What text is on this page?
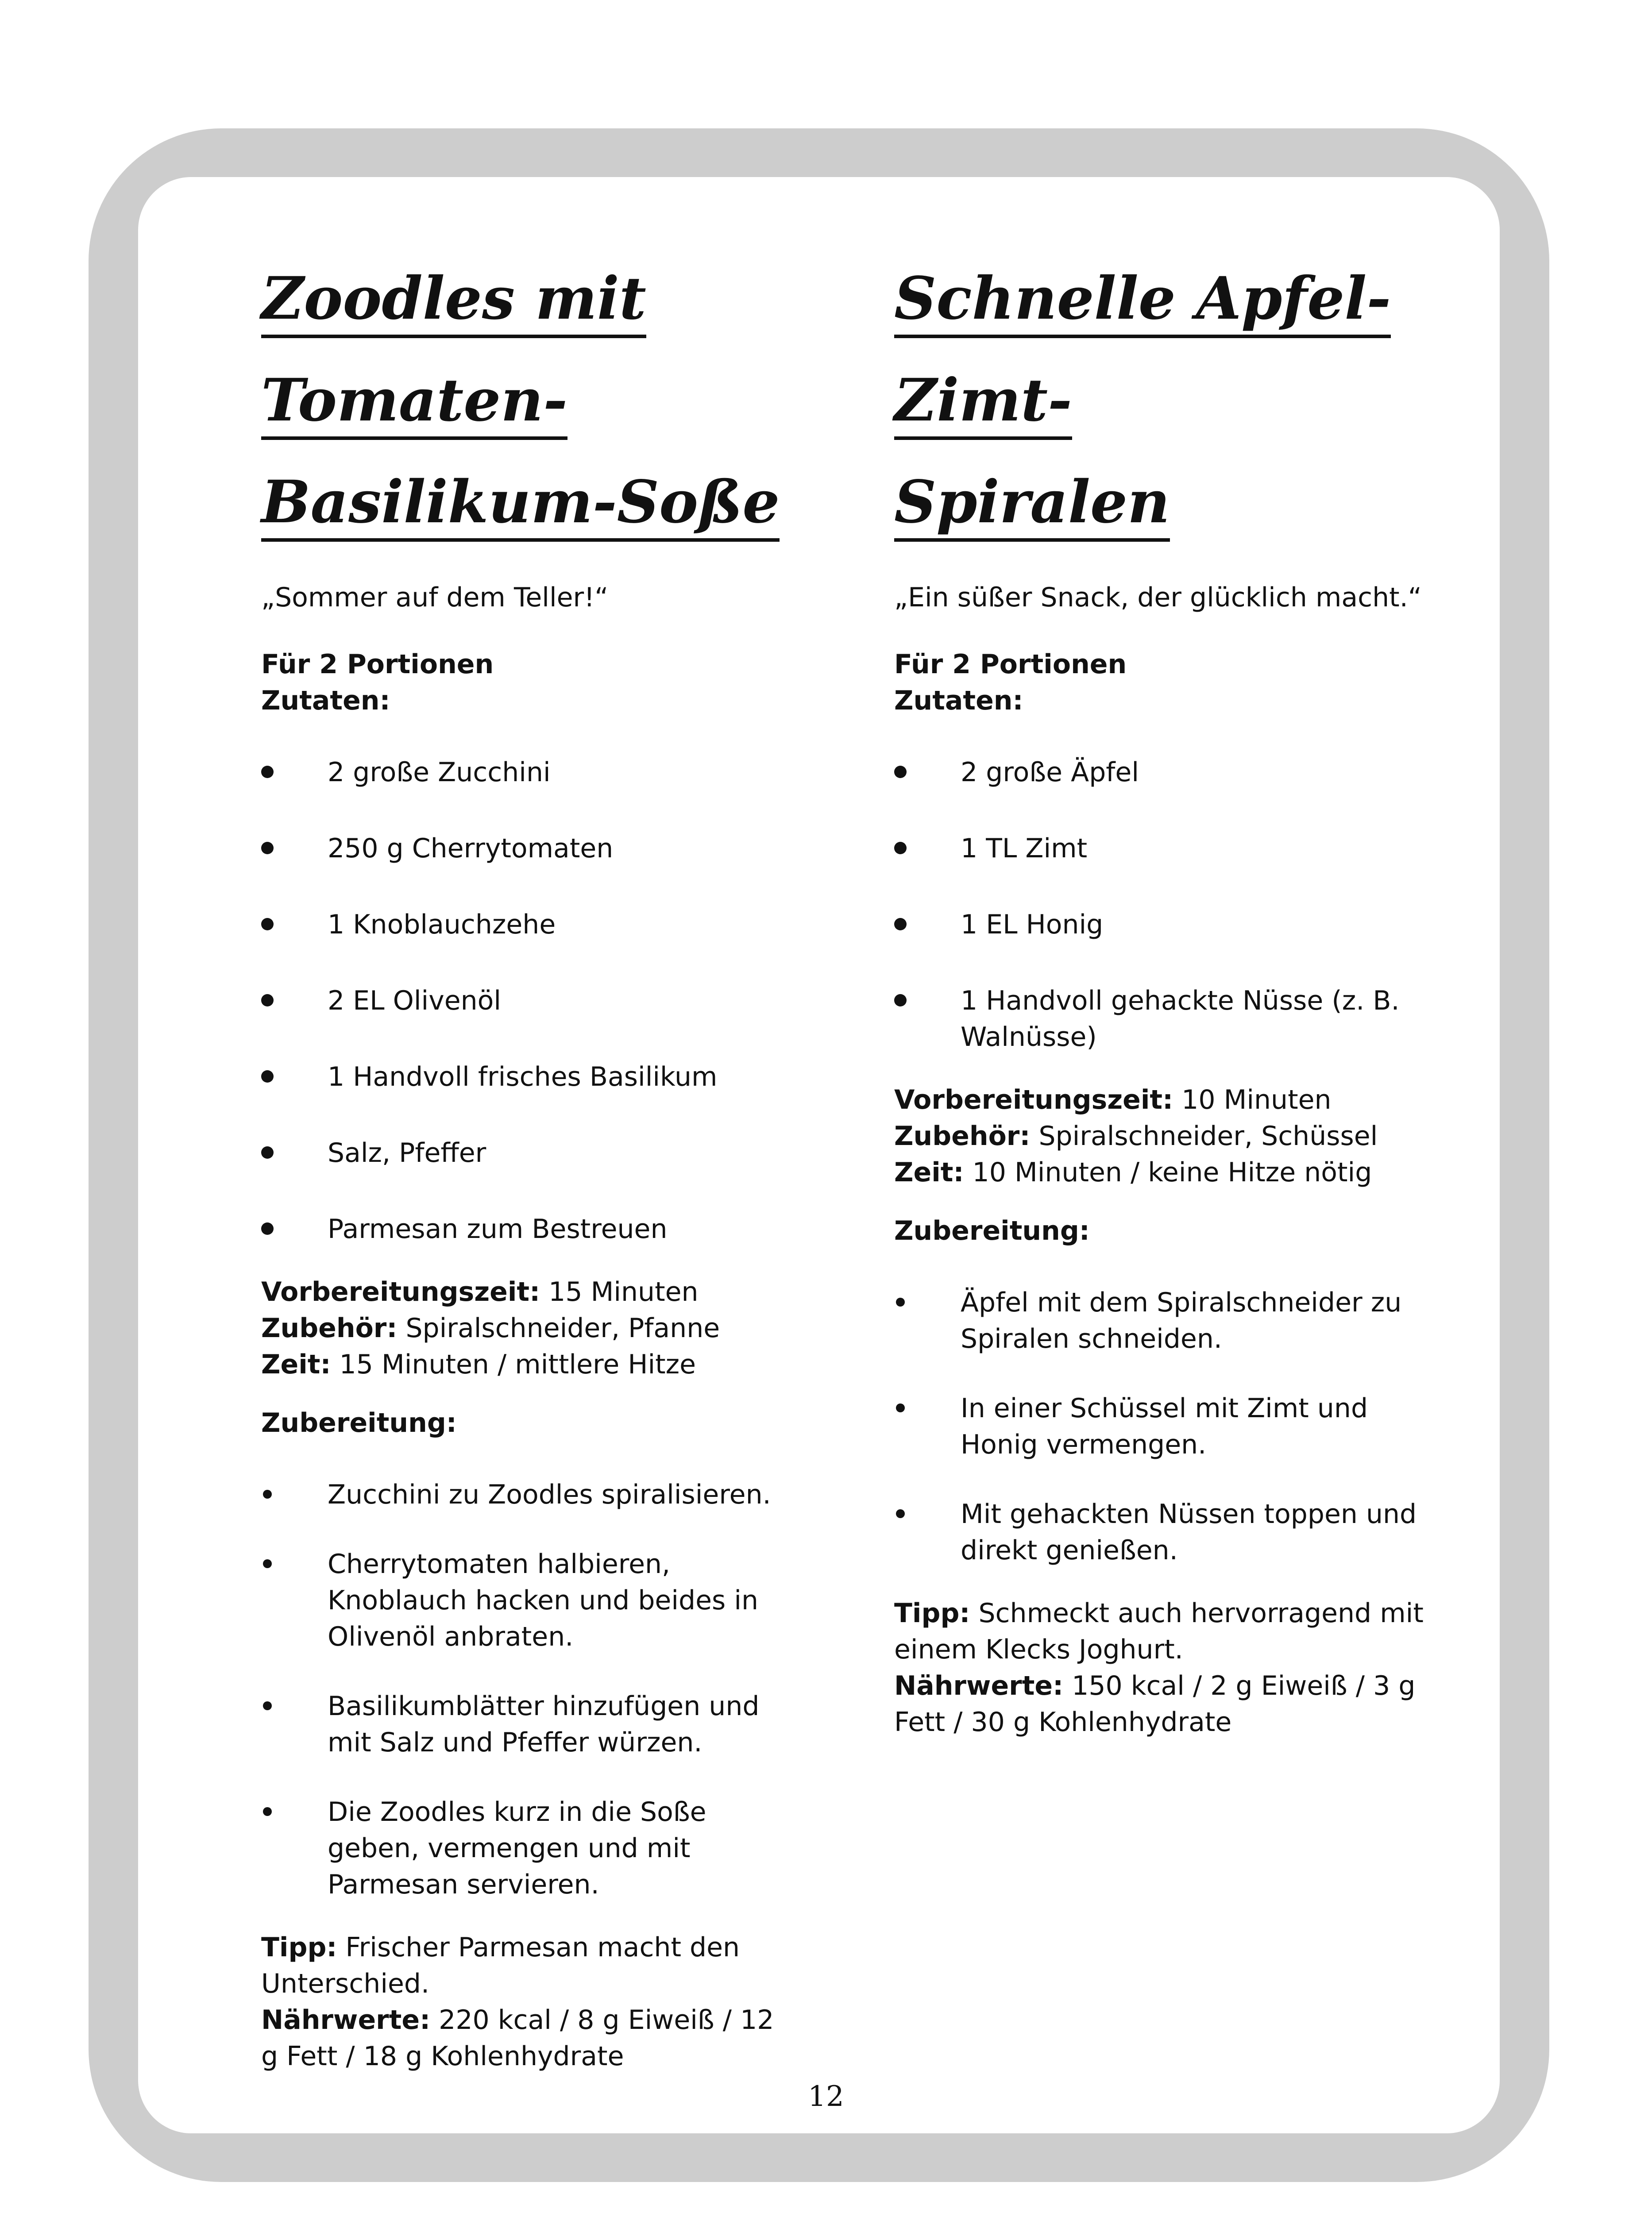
Zoodles mit Tomaten-
Basilikum-Soße

„Sommer auf dem Teller!“

Für 2 Portionen
Zutaten:
2 große Zucchini
250 g Cherrytomaten
1 Knoblauchzehe
2 EL Olivenöl
1 Handvoll frisches Basilikum
Salz, Pfeffer
Parmesan zum Bestreuen
Vorbereitungszeit: 15 Minuten
Zubehör: Spiralschneider, Pfanne
Zeit: 15 Minuten / mittlere Hitze
Zubereitung:
Zucchini zu Zoodles spiralisieren.
Cherrytomaten halbieren, Knoblauch hacken und beides in Olivenöl anbraten.
Basilikumblätter hinzufügen und mit Salz und Pfeffer würzen.
Die Zoodles kurz in die Soße geben, vermengen und mit Parmesan servieren.
Tipp: Frischer Parmesan macht den Unterschied.
Nährwerte: 220 kcal / 8 g Eiweiß / 12 g Fett / 18 g Kohlenhydrate
Schnelle Apfel-Zimt-
Spiralen

„Ein süßer Snack, der glücklich macht.“

Für 2 Portionen
Zutaten:
2 große Äpfel
1 TL Zimt
1 EL Honig
1 Handvoll gehackte Nüsse (z. B. Walnüsse)
Vorbereitungszeit: 10 Minuten
Zubehör: Spiralschneider, Schüssel
Zeit: 10 Minuten / keine Hitze nötig
Zubereitung:
Äpfel mit dem Spiralschneider zu Spiralen schneiden.
In einer Schüssel mit Zimt und Honig vermengen.
Mit gehackten Nüssen toppen und direkt genießen.
Tipp: Schmeckt auch hervorragend mit einem Klecks Joghurt.
Nährwerte: 150 kcal / 2 g Eiweiß / 3 g Fett / 30 g Kohlenhydrate
12
